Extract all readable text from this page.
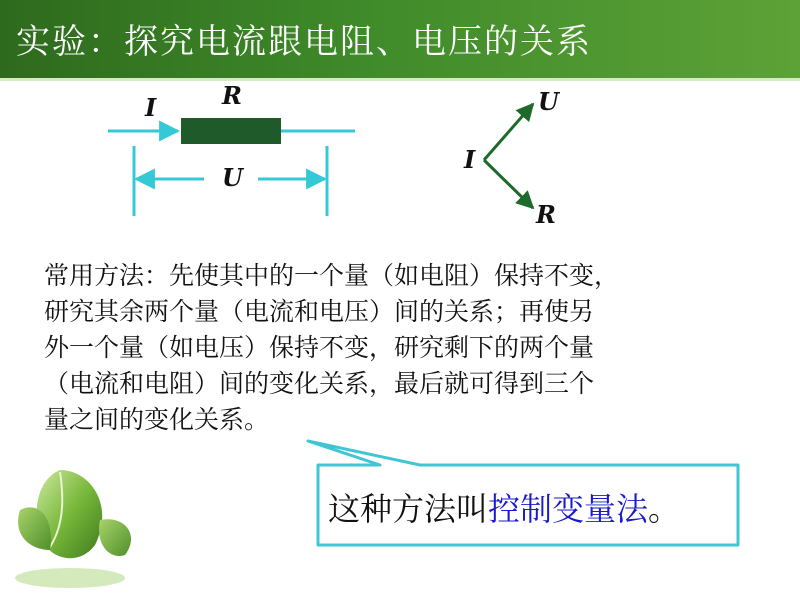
实验：探究电流跟电阻、电压的关系
I	R
U
I
U
R
常用方法：先使其中的一个量（如电阻）保持不变，
研究其余两个量（电流和电压）间的关系；再使另
外一个量（如电压）保持不变，研究剩下的两个量
（电流和电阻）间的变化关系，最后就可得到三个
量之间的变化关系。
这种方法叫控制变量法。
